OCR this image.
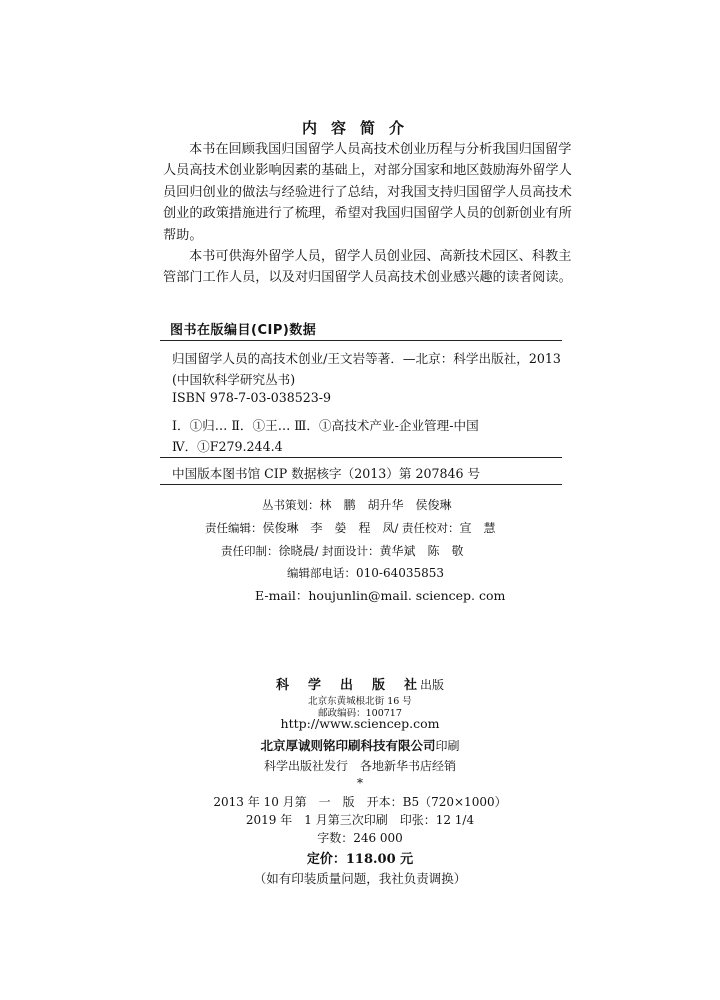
内容简介
本书在回顾我国归国留学人员高技术创业历程与分析我国归国留学
人员高技术创业影响因素的基础上，对部分国家和地区鼓励海外留学人
员回归创业的做法与经验进行了总结，对我国支持归国留学人员高技术
创业的政策措施进行了梳理，希望对我国归国留学人员的创新创业有所
帮助。
本书可供海外留学人员，留学人员创业园、高新技术园区、科教主
管部门工作人员，以及对归国留学人员高技术创业感兴趣的读者阅读。
图书在版编目(CIP)数据
归国留学人员的高技术创业/王文岩等著．—北京：科学出版社，2013
(中国软科学研究丛书)
ISBN 978-7-03-038523-9
Ⅰ．①归… Ⅱ．①王… Ⅲ．①高技术产业-企业管理-中国
Ⅳ．①F279.244.4
中国版本图书馆 CIP 数据核字（2013）第 207846 号
丛书策划：林　鹏　胡升华　侯俊琳
责任编辑：侯俊琳　李　嫈　程　凤/ 责任校对：宣　慧
责任印制：徐晓晨/ 封面设计：黄华斌　陈　敬
编辑部电话：010-64035853
E-mail：houjunlin@mail. sciencep. com
科　学　出　版　社出版
北京东黄城根北街 16 号
邮政编码：100717
http://www.sciencep.com
北京厚诚则铭印刷科技有限公司印刷
科学出版社发行　各地新华书店经销
*
2013 年 10 月第　一　版　开本：B5（720×1000）
2019 年　1 月第三次印刷　印张：12 1/4
字数：246 000
定价：118.00 元
（如有印装质量问题，我社负责调换）
